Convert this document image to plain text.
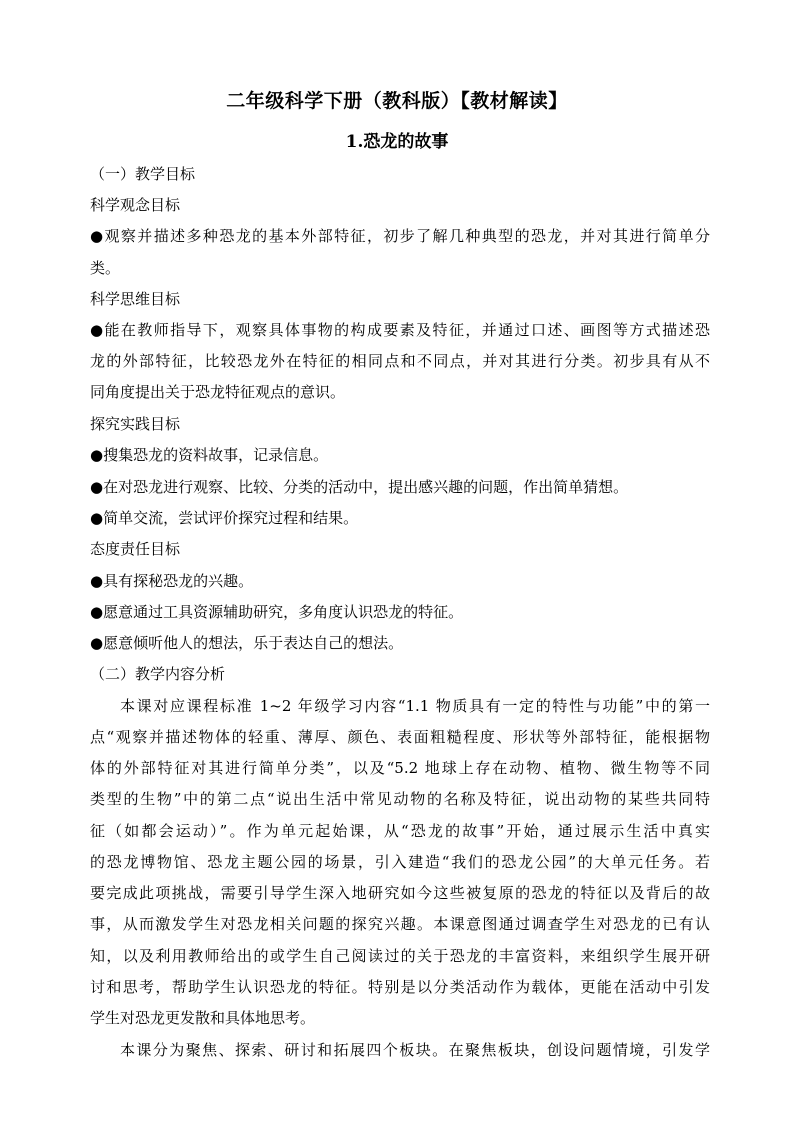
二年级科学下册（教科版）【教材解读】
1.恐龙的故事
（一）教学目标
科学观念目标
● 观察并描述多种恐龙的基本外部特征，初步了解几种典型的恐龙，并对其进行简单分
类。
科学思维目标
● 能在教师指导下，观察具体事物的构成要素及特征，并通过口述、画图等方式描述恐
龙的外部特征，比较恐龙外在特征的相同点和不同点，并对其进行分类。初步具有从不
同角度提出关于恐龙特征观点的意识。
探究实践目标
● 搜集恐龙的资料故事，记录信息。
● 在对恐龙进行观察、比较、分类的活动中，提出感兴趣的问题，作出简单猜想。
● 简单交流，尝试评价探究过程和结果。
态度责任目标
● 具有探秘恐龙的兴趣。
● 愿意通过工具资源辅助研究，多角度认识恐龙的特征。
● 愿意倾听他人的想法，乐于表达自己的想法。
（二）教学内容分析
本课对应课程标准 1~2 年级学习内容“1.1 物质具有一定的特性与功能”中的第一
点“观察并描述物体的轻重、薄厚、颜色、表面粗糙程度、形状等外部特征，能根据物
体的外部特征对其进行简单分类”，以及“5.2 地球上存在动物、植物、微生物等不同
类型的生物”中的第二点“说出生活中常见动物的名称及特征，说出动物的某些共同特
征（如都会运动）”。作为单元起始课，从“恐龙的故事”开始，通过展示生活中真实
的恐龙博物馆、恐龙主题公园的场景，引入建造“我们的恐龙公园”的大单元任务。若
要完成此项挑战，需要引导学生深入地研究如今这些被复原的恐龙的特征以及背后的故
事，从而激发学生对恐龙相关问题的探究兴趣。本课意图通过调查学生对恐龙的已有认
知，以及利用教师给出的或学生自己阅读过的关于恐龙的丰富资料，来组织学生展开研
讨和思考，帮助学生认识恐龙的特征。特别是以分类活动作为载体，更能在活动中引发
学生对恐龙更发散和具体地思考。
本课分为聚焦、探索、研讨和拓展四个板块。在聚焦板块，创设问题情境，引发学
